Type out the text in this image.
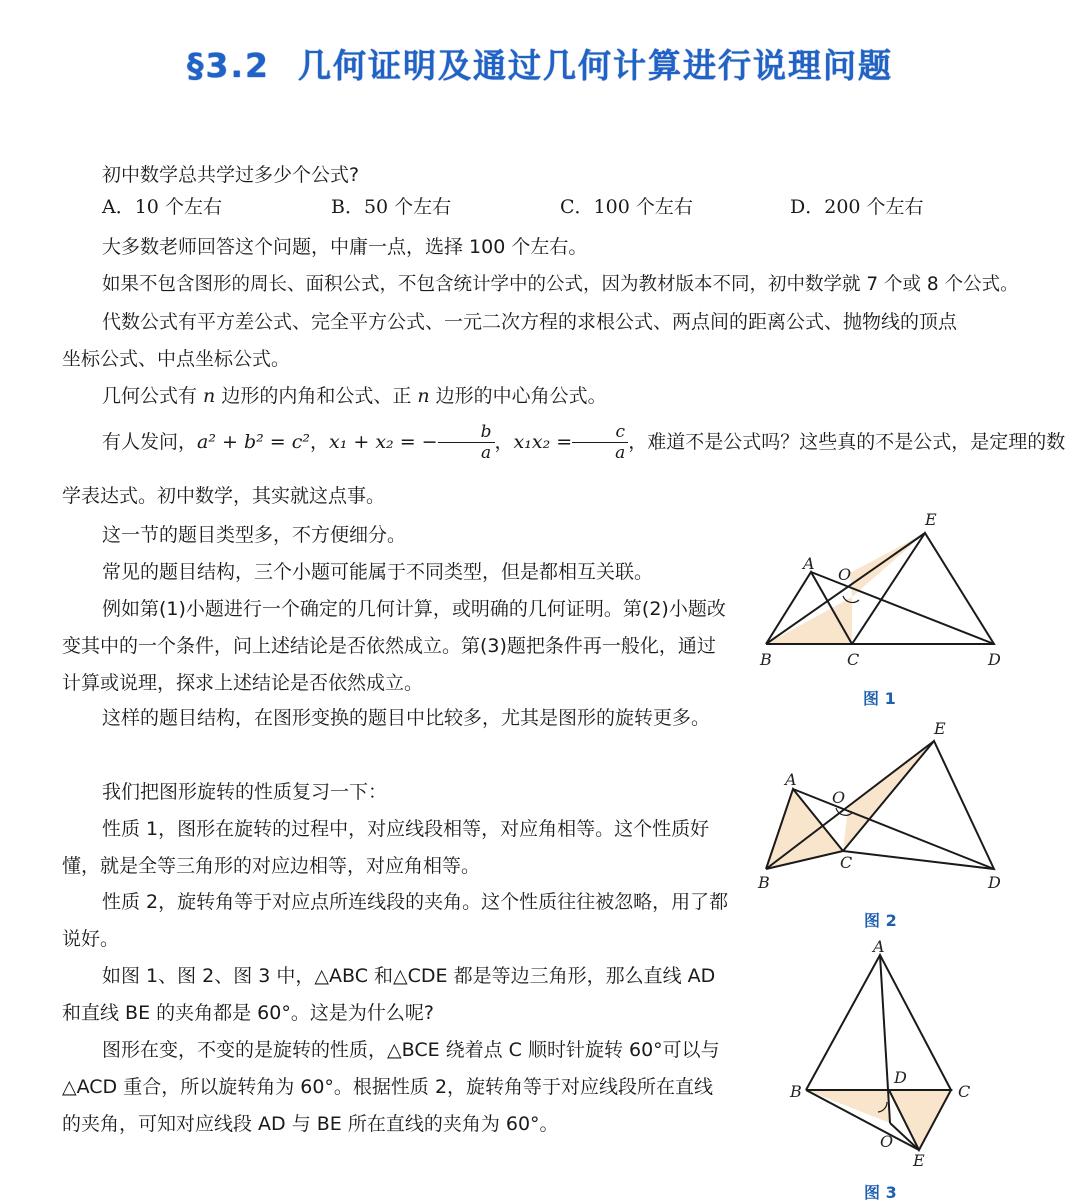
§3.2 几何证明及通过几何计算进行说理问题
初中数学总共学过多少个公式?
A．10 个左右	B．50 个左右	C．100 个左右	D．200 个左右
大多数老师回答这个问题，中庸一点，选择 100 个左右。
如果不包含图形的周长、面积公式，不包含统计学中的公式，因为教材版本不同，初中数学就 7 个或 8 个公式。
代数公式有平方差公式、完全平方公式、一元二次方程的求根公式、两点间的距离公式、抛物线的顶点
坐标公式、中点坐标公式。
几何公式有 n 边形的内角和公式、正 n 边形的中心角公式。
有人发问，a² + b² = c²，x₁ + x₂ = − $\frac{b}{a}$ ，$x_1x_2 = \frac{c}{a}$ ，难道不是公式吗？这些真的不是公式，是定理的数
学表达式。初中数学，其实就这点事。
这一节的题目类型多，不方便细分。
常见的题目结构，三个小题可能属于不同类型，但是都相互关联。
例如第(1)小题进行一个确定的几何计算，或明确的几何证明。第(2)小题改变其中的一个条件，问上述结论是否依然成立。第(3)题把条件再一般化，通过计算或说理，探求上述结论是否依然成立。
这样的题目结构，在图形变换的题目中比较多，尤其是图形的旋转更多。
我们把图形旋转的性质复习一下：
性质 1，图形在旋转的过程中，对应线段相等，对应角相等。这个性质好懂，就是全等三角形的对应边相等，对应角相等。
性质 2，旋转角等于对应点所连线段的夹角。这个性质往往被忽略，用了都说好。
如图 1、图 2、图 3 中，△ABC 和△CDE 都是等边三角形，那么直线 AD 和直线 BE 的夹角都是 60°。这是为什么呢?
图形在变，不变的是旋转的性质，△BCE 绕着点 C 顺时针旋转 60°可以与△ACD 重合，所以旋转角为 60°。根据性质 2，旋转角等于对应线段所在直线的夹角，可知对应线段 AD 与 BE 所在直线的夹角为 60°。
A
B	C	D
E
O
图 1
A
B
C
D
E
O
图 2
A
B	C
D
E
O
图 3
